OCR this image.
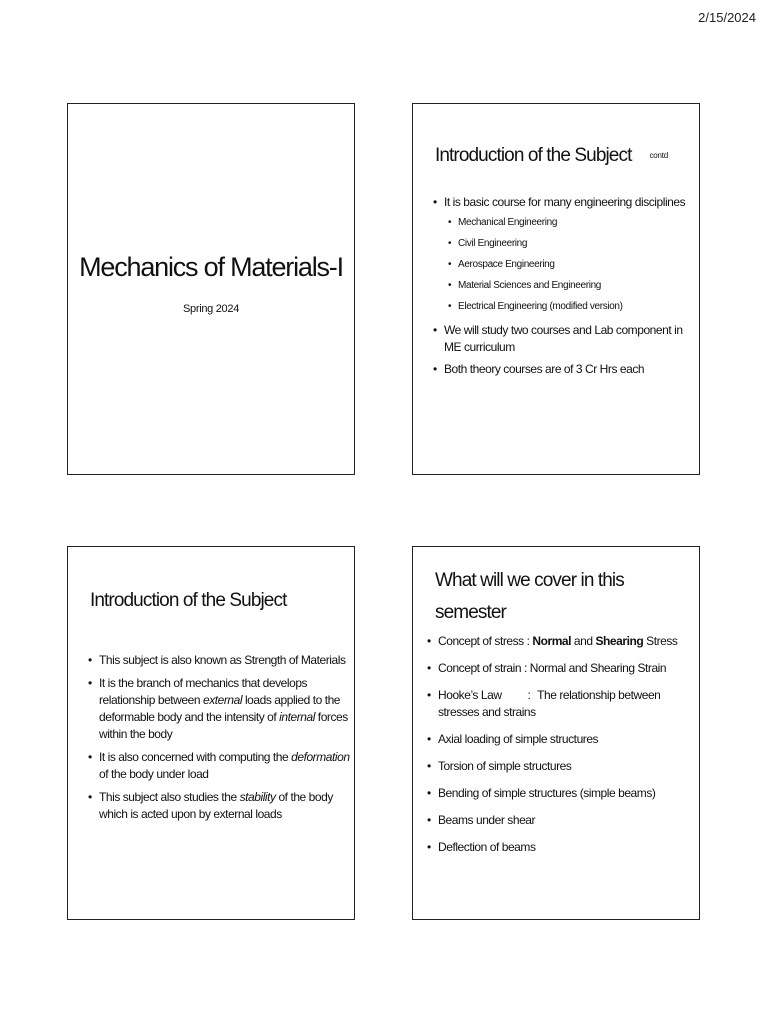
2/15/2024
Mechanics of Materials-I
Spring 2024
Introduction of the Subject contd
• It is basic course for many engineering disciplines
• Mechanical Engineering
• Civil Engineering
• Aerospace Engineering
• Material Sciences and Engineering
• Electrical Engineering (modified version)
• We will study two courses and Lab component in ME curriculum
• Both theory courses are of 3 Cr Hrs each
Introduction of the Subject
• This subject is also known as Strength of Materials
• It is the branch of mechanics that develops relationship between external loads applied to the deformable body and the intensity of internal forces within the body
• It is also concerned with computing the deformation of the body under load
• This subject also studies the stability of the body which is acted upon by external loads
What will we cover in this semester
• Concept of stress : Normal and Shearing Stress
• Concept of strain : Normal and Shearing Strain
• Hooke’s Law : The relationship between stresses and strains
• Axial loading of simple structures
• Torsion of simple structures
• Bending of simple structures (simple beams)
• Beams under shear
• Deflection of beams
